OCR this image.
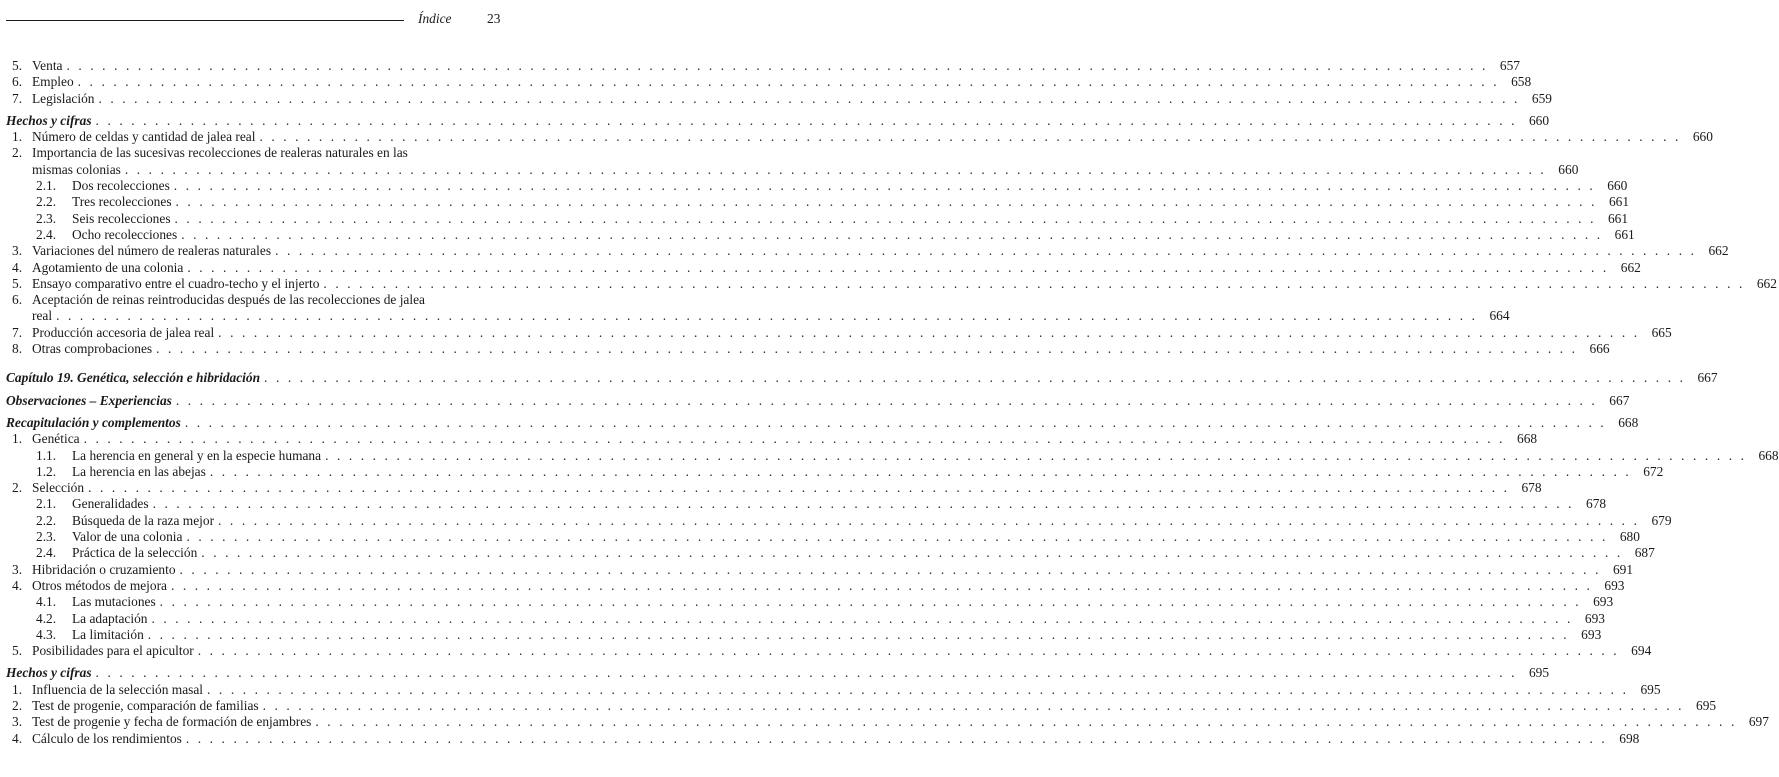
Índice	23
5. Venta . . . . . . . . . . . . . . . . . . . . . . . . . . . . . . . . . . . . . . . . . . . . . . . . . . . . . . . . . . . . . . . . . . . . . . . . . . . . . . . . . . . . . . . . . . . . . . . . . . . . . . . . . . . . . . . . . . . . . . . . 657
6. Empleo . . . . . . . . . . . . . . . . . . . . . . . . . . . . . . . . . . . . . . . . . . . . . . . . . . . . . . . . . . . . . . . . . . . . . . . . . . . . . . . . . . . . . . . . . . . . . . . . . . . . . . . . . . . . . . . . . . . . . . . . 658
7. Legislación . . . . . . . . . . . . . . . . . . . . . . . . . . . . . . . . . . . . . . . . . . . . . . . . . . . . . . . . . . . . . . . . . . . . . . . . . . . . . . . . . . . . . . . . . . . . . . . . . . . . . . . . . . . . . . . . . . . . . . . . 659
Hechos y cifras . . . . . . . . . . . . . . . . . . . . . . . . . . . . . . . . . . . . . . . . . . . . . . . . . . . . . . . . . . . . . . . . . . . . . . . . . . . . . . . . . . . . . . . . . . . . . . . . . . . . . . . . . . . . . . . . . . . . . . . . 660
1. Número de celdas y cantidad de jalea real . . . . . . . . . . . . . . . . . . . . . . . . . . . . . . . . . . . . . . . . . . . . . . . . . . . . . . . . . . . . . . . . . . . . . . . . . . . . . . . . . . . . . . . . . . . . . . . . . . . . . . . . . . . . . . . . . . . . . . . . 660
2. Importancia de las sucesivas recolecciones de realeras naturales en las
mismas colonias . . . . . . . . . . . . . . . . . . . . . . . . . . . . . . . . . . . . . . . . . . . . . . . . . . . . . . . . . . . . . . . . . . . . . . . . . . . . . . . . . . . . . . . . . . . . . . . . . . . . . . . . . . . . . . . . . . . . . . . . 660
2.1. Dos recolecciones . . . . . . . . . . . . . . . . . . . . . . . . . . . . . . . . . . . . . . . . . . . . . . . . . . . . . . . . . . . . . . . . . . . . . . . . . . . . . . . . . . . . . . . . . . . . . . . . . . . . . . . . . . . . . . . . . . . . . . . . 660
2.2. Tres recolecciones . . . . . . . . . . . . . . . . . . . . . . . . . . . . . . . . . . . . . . . . . . . . . . . . . . . . . . . . . . . . . . . . . . . . . . . . . . . . . . . . . . . . . . . . . . . . . . . . . . . . . . . . . . . . . . . . . . . . . . . . 661
2.3. Seis recolecciones . . . . . . . . . . . . . . . . . . . . . . . . . . . . . . . . . . . . . . . . . . . . . . . . . . . . . . . . . . . . . . . . . . . . . . . . . . . . . . . . . . . . . . . . . . . . . . . . . . . . . . . . . . . . . . . . . . . . . . . . 661
2.4. Ocho recolecciones . . . . . . . . . . . . . . . . . . . . . . . . . . . . . . . . . . . . . . . . . . . . . . . . . . . . . . . . . . . . . . . . . . . . . . . . . . . . . . . . . . . . . . . . . . . . . . . . . . . . . . . . . . . . . . . . . . . . . . . . 661
3. Variaciones del número de realeras naturales . . . . . . . . . . . . . . . . . . . . . . . . . . . . . . . . . . . . . . . . . . . . . . . . . . . . . . . . . . . . . . . . . . . . . . . . . . . . . . . . . . . . . . . . . . . . . . . . . . . . . . . . . . . . . . . . . . . . . . . . 662
4. Agotamiento de una colonia . . . . . . . . . . . . . . . . . . . . . . . . . . . . . . . . . . . . . . . . . . . . . . . . . . . . . . . . . . . . . . . . . . . . . . . . . . . . . . . . . . . . . . . . . . . . . . . . . . . . . . . . . . . . . . . . . . . . . . . . 662
5. Ensayo comparativo entre el cuadro-techo y el injerto . . . . . . . . . . . . . . . . . . . . . . . . . . . . . . . . . . . . . . . . . . . . . . . . . . . . . . . . . . . . . . . . . . . . . . . . . . . . . . . . . . . . . . . . . . . . . . . . . . . . . . . . . . . . . . . . . . . . . . . . 662
6. Aceptación de reinas reintroducidas después de las recolecciones de jalea
real . . . . . . . . . . . . . . . . . . . . . . . . . . . . . . . . . . . . . . . . . . . . . . . . . . . . . . . . . . . . . . . . . . . . . . . . . . . . . . . . . . . . . . . . . . . . . . . . . . . . . . . . . . . . . . . . . . . . . . . . 664
7. Producción accesoria de jalea real . . . . . . . . . . . . . . . . . . . . . . . . . . . . . . . . . . . . . . . . . . . . . . . . . . . . . . . . . . . . . . . . . . . . . . . . . . . . . . . . . . . . . . . . . . . . . . . . . . . . . . . . . . . . . . . . . . . . . . . . 665
8. Otras comprobaciones . . . . . . . . . . . . . . . . . . . . . . . . . . . . . . . . . . . . . . . . . . . . . . . . . . . . . . . . . . . . . . . . . . . . . . . . . . . . . . . . . . . . . . . . . . . . . . . . . . . . . . . . . . . . . . . . . . . . . . . . 666
Capítulo 19. Genética, selección e hibridación . . . . . . . . . . . . . . . . . . . . . . . . . . . . . . . . . . . . . . . . . . . . . . . . . . . . . . . . . . . . . . . . . . . . . . . . . . . . . . . . . . . . . . . . . . . . . . . . . . . . . . . . . . . . . . . . . . . . . . . . 667
Observaciones – Experiencias . . . . . . . . . . . . . . . . . . . . . . . . . . . . . . . . . . . . . . . . . . . . . . . . . . . . . . . . . . . . . . . . . . . . . . . . . . . . . . . . . . . . . . . . . . . . . . . . . . . . . . . . . . . . . . . . . . . . . . . . 667
Recapitulación y complementos . . . . . . . . . . . . . . . . . . . . . . . . . . . . . . . . . . . . . . . . . . . . . . . . . . . . . . . . . . . . . . . . . . . . . . . . . . . . . . . . . . . . . . . . . . . . . . . . . . . . . . . . . . . . . . . . . . . . . . . . 668
1. Genética . . . . . . . . . . . . . . . . . . . . . . . . . . . . . . . . . . . . . . . . . . . . . . . . . . . . . . . . . . . . . . . . . . . . . . . . . . . . . . . . . . . . . . . . . . . . . . . . . . . . . . . . . . . . . . . . . . . . . . . . 668
1.1. La herencia en general y en la especie humana . . . . . . . . . . . . . . . . . . . . . . . . . . . . . . . . . . . . . . . . . . . . . . . . . . . . . . . . . . . . . . . . . . . . . . . . . . . . . . . . . . . . . . . . . . . . . . . . . . . . . . . . . . . . . . . . . . . . . . . . 668
1.2. La herencia en las abejas . . . . . . . . . . . . . . . . . . . . . . . . . . . . . . . . . . . . . . . . . . . . . . . . . . . . . . . . . . . . . . . . . . . . . . . . . . . . . . . . . . . . . . . . . . . . . . . . . . . . . . . . . . . . . . . . . . . . . . . . 672
2. Selección . . . . . . . . . . . . . . . . . . . . . . . . . . . . . . . . . . . . . . . . . . . . . . . . . . . . . . . . . . . . . . . . . . . . . . . . . . . . . . . . . . . . . . . . . . . . . . . . . . . . . . . . . . . . . . . . . . . . . . . . 678
2.1. Generalidades . . . . . . . . . . . . . . . . . . . . . . . . . . . . . . . . . . . . . . . . . . . . . . . . . . . . . . . . . . . . . . . . . . . . . . . . . . . . . . . . . . . . . . . . . . . . . . . . . . . . . . . . . . . . . . . . . . . . . . . . 678
2.2. Búsqueda de la raza mejor . . . . . . . . . . . . . . . . . . . . . . . . . . . . . . . . . . . . . . . . . . . . . . . . . . . . . . . . . . . . . . . . . . . . . . . . . . . . . . . . . . . . . . . . . . . . . . . . . . . . . . . . . . . . . . . . . . . . . . . . 679
2.3. Valor de una colonia . . . . . . . . . . . . . . . . . . . . . . . . . . . . . . . . . . . . . . . . . . . . . . . . . . . . . . . . . . . . . . . . . . . . . . . . . . . . . . . . . . . . . . . . . . . . . . . . . . . . . . . . . . . . . . . . . . . . . . . . 680
2.4. Práctica de la selección . . . . . . . . . . . . . . . . . . . . . . . . . . . . . . . . . . . . . . . . . . . . . . . . . . . . . . . . . . . . . . . . . . . . . . . . . . . . . . . . . . . . . . . . . . . . . . . . . . . . . . . . . . . . . . . . . . . . . . . . 687
3. Hibridación o cruzamiento . . . . . . . . . . . . . . . . . . . . . . . . . . . . . . . . . . . . . . . . . . . . . . . . . . . . . . . . . . . . . . . . . . . . . . . . . . . . . . . . . . . . . . . . . . . . . . . . . . . . . . . . . . . . . . . . . . . . . . . . 691
4. Otros métodos de mejora . . . . . . . . . . . . . . . . . . . . . . . . . . . . . . . . . . . . . . . . . . . . . . . . . . . . . . . . . . . . . . . . . . . . . . . . . . . . . . . . . . . . . . . . . . . . . . . . . . . . . . . . . . . . . . . . . . . . . . . . 693
4.1. Las mutaciones . . . . . . . . . . . . . . . . . . . . . . . . . . . . . . . . . . . . . . . . . . . . . . . . . . . . . . . . . . . . . . . . . . . . . . . . . . . . . . . . . . . . . . . . . . . . . . . . . . . . . . . . . . . . . . . . . . . . . . . . 693
4.2. La adaptación . . . . . . . . . . . . . . . . . . . . . . . . . . . . . . . . . . . . . . . . . . . . . . . . . . . . . . . . . . . . . . . . . . . . . . . . . . . . . . . . . . . . . . . . . . . . . . . . . . . . . . . . . . . . . . . . . . . . . . . . 693
4.3. La limitación . . . . . . . . . . . . . . . . . . . . . . . . . . . . . . . . . . . . . . . . . . . . . . . . . . . . . . . . . . . . . . . . . . . . . . . . . . . . . . . . . . . . . . . . . . . . . . . . . . . . . . . . . . . . . . . . . . . . . . . . 693
5. Posibilidades para el apicultor . . . . . . . . . . . . . . . . . . . . . . . . . . . . . . . . . . . . . . . . . . . . . . . . . . . . . . . . . . . . . . . . . . . . . . . . . . . . . . . . . . . . . . . . . . . . . . . . . . . . . . . . . . . . . . . . . . . . . . . . 694
Hechos y cifras . . . . . . . . . . . . . . . . . . . . . . . . . . . . . . . . . . . . . . . . . . . . . . . . . . . . . . . . . . . . . . . . . . . . . . . . . . . . . . . . . . . . . . . . . . . . . . . . . . . . . . . . . . . . . . . . . . . . . . . . 695
1. Influencia de la selección masal . . . . . . . . . . . . . . . . . . . . . . . . . . . . . . . . . . . . . . . . . . . . . . . . . . . . . . . . . . . . . . . . . . . . . . . . . . . . . . . . . . . . . . . . . . . . . . . . . . . . . . . . . . . . . . . . . . . . . . . . 695
2. Test de progenie, comparación de familias . . . . . . . . . . . . . . . . . . . . . . . . . . . . . . . . . . . . . . . . . . . . . . . . . . . . . . . . . . . . . . . . . . . . . . . . . . . . . . . . . . . . . . . . . . . . . . . . . . . . . . . . . . . . . . . . . . . . . . . . 695
3. Test de progenie y fecha de formación de enjambres . . . . . . . . . . . . . . . . . . . . . . . . . . . . . . . . . . . . . . . . . . . . . . . . . . . . . . . . . . . . . . . . . . . . . . . . . . . . . . . . . . . . . . . . . . . . . . . . . . . . . . . . . . . . . . . . . . . . . . . . 697
4. Cálculo de los rendimientos . . . . . . . . . . . . . . . . . . . . . . . . . . . . . . . . . . . . . . . . . . . . . . . . . . . . . . . . . . . . . . . . . . . . . . . . . . . . . . . . . . . . . . . . . . . . . . . . . . . . . . . . . . . . . . . . . . . . . . . . 698
